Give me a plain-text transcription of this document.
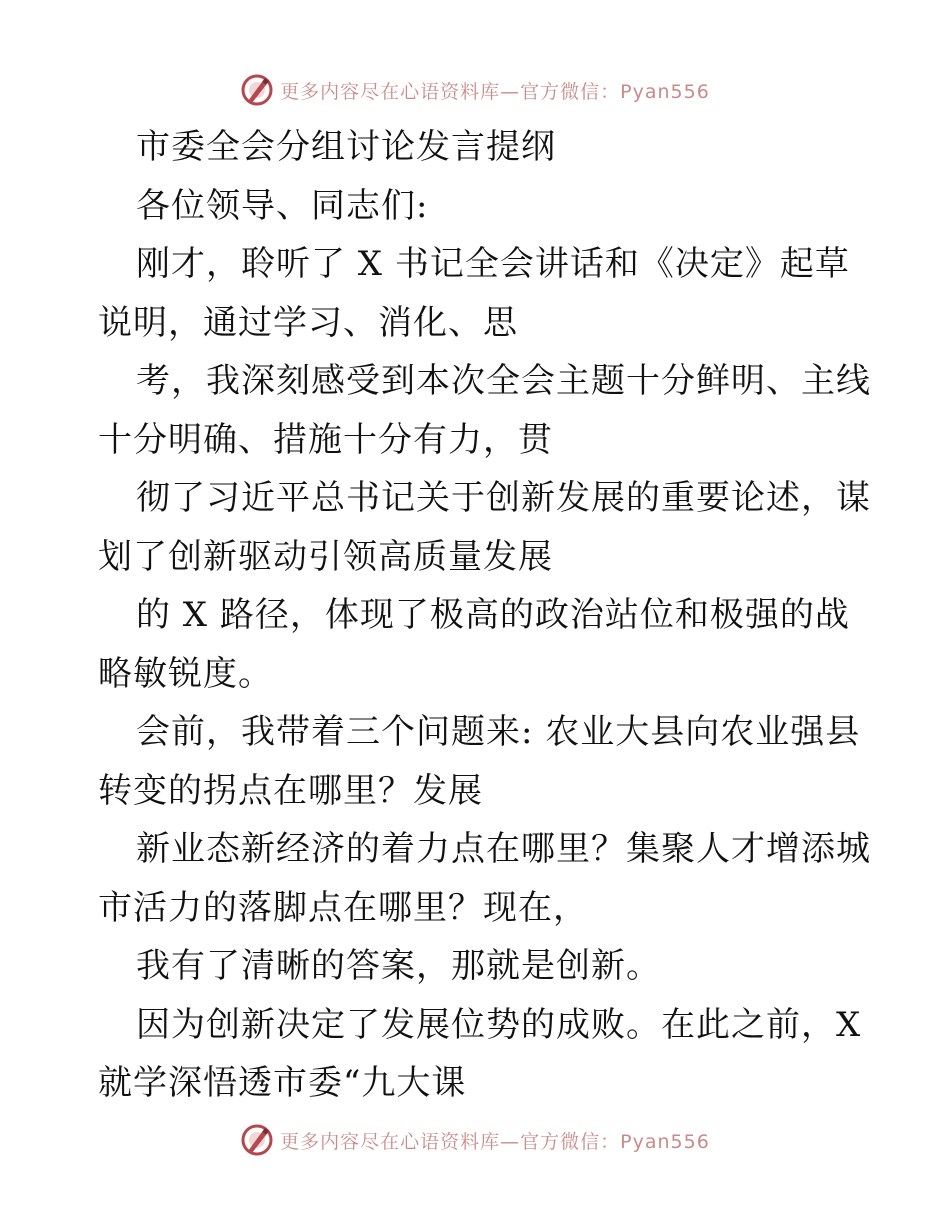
更多内容尽在心语资料库—官方微信：Pyan556
市委全会分组讨论发言提纲
各位领导、同志们:
刚才，聆听了 X 书记全会讲话和《决定》起草
说明，通过学习、消化、思
考，我深刻感受到本次全会主题十分鲜明、主线
十分明确、措施十分有力，贯
彻了习近平总书记关于创新发展的重要论述，谋
划了创新驱动引领高质量发展
的 X 路径，体现了极高的政治站位和极强的战
略敏锐度。
会前，我带着三个问题来: 农业大县向农业强县
转变的拐点在哪里？发展
新业态新经济的着力点在哪里？集聚人才增添城
市活力的落脚点在哪里？现在，
我有了清晰的答案，那就是创新。
因为创新决定了发展位势的成败。在此之前，X
就学深悟透市委“九大课
更多内容尽在心语资料库—官方微信：Pyan556
